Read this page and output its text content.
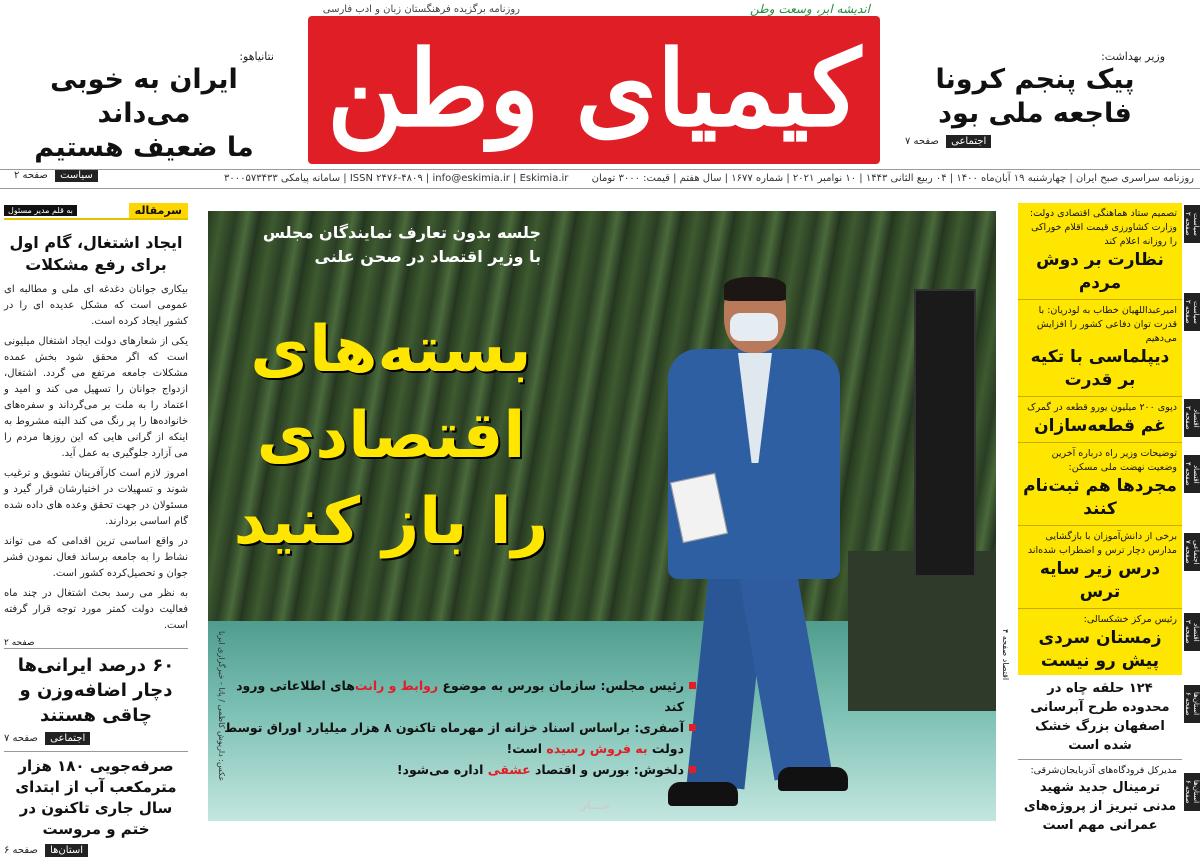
روزنامه برگزیده فرهنگستان زبان و ادب فارسی	اندیشه ابر، وسعت وطن
کیمیای وطن	وزیر بهداشت:
پیک پنجم کرونا
فاجعه ملی بود
اجتماعی صفحه ۷
نتانیاهو:
ایران به خوبی می‌داند
ما ضعیف هستیم
سیاست صفحه ۲	روزنامه سراسری صبح ایران | چهارشنبه ۱۹ آبان‌ماه ۱۴۰۰ | ۰۴ ربیع الثانی ۱۴۴۳ | ۱۰ نوامبر ۲۰۲۱ | شماره ۱۶۷۷ | سال هفتم | قیمت: ۳۰۰۰ تومان ISSN ۲۴۷۶-۴۸۰۹ | info@eskimia.ir | Eskimia.ir | سامانه پیامکی ۳۰۰۰۵۷۳۴۳۳
سرمقاله
به قلم مدیر مسئول
ایجاد اشتغال، گام اول برای رفع مشکلات

بیکاری جوانان دغدغه ای ملی و مطالبه ای عمومی است که مشکل عدیده ای را در کشور ایجاد کرده است.

یکی از شعارهای دولت ایجاد اشتغال میلیونی است که اگر محقق شود بخش عمده مشکلات جامعه مرتفع می گردد. اشتغال، ازدواج جوانان را تسهیل می کند و امید و اعتماد را به ملت بر می‌گرداند و سفره‌های خانواده‌ها را پر رنگ می کند البته مشروط به اینکه از گرانی هایی که این روزها مردم را می آزارد جلوگیری به عمل آید.

امروز لازم است کارآفرینان تشویق و ترغیب شوند و تسهیلات در اختیارشان قرار گیرد و مسئولان در جهت تحقق وعده های داده شده گام اساسی بردارند.

در واقع اساسی ترین اقدامی که می تواند نشاط را به جامعه برساند فعال نمودن قشر جوان و تحصیل‌کرده کشور است.

به نظر می رسد بحث اشتغال در چند ماه فعالیت دولت کمتر مورد توجه قرار گرفته است.

صفحه ۲
۶۰ درصد ایرانی‌ها دچار اضافه‌وزن و چاقی هستند
اجتماعی صفحه ۷
صرفه‌جویی ۱۸۰ هزار مترمکعب آب از ابتدای سال جاری تاکنون در ختم و مروست
استان‌ها صفحه ۶
جلسه بدون تعارف نمایندگان مجلس
با وزیر اقتصاد در صحن علنی
بسته‌های
اقتصادی
را باز کنید
رئیس مجلس: سازمان بورس به موضوع روابط و رانت‌های اطلاعاتی ورود کند
آصفری: براساس اسناد خزانه از مهرماه تاکنون ۸ هزار میلیارد اوراق توسط دولت به فروش رسیده است!
دلخوش: بورس و اقتصاد عشقی اداره می‌شود!
عکس: داریوش کاظمی / پانا - خبرگزاری ایرنا
جـــار
اقتصاد صفحه ۴
تصمیم ستاد هماهنگی اقتصادی دولت: وزارت کشاورزی قیمت اقلام خوراکی را روزانه اعلام کند
نظارت بر دوش مردم
امیرعبداللهیان خطاب به لودریان: با قدرت توان دفاعی کشور را افزایش می‌دهیم
دیپلماسی با تکیه بر قدرت
دپوی ۲۰۰ میلیون یورو قطعه در گمرک
غم قطعه‌سازان
توضیحات وزیر راه درباره آخرین وضعیت نهضت ملی مسکن:
مجردها هم ثبت‌نام کنند
برخی از دانش‌آموزان با بازگشایی مدارس دچار ترس و اضطراب شده‌اند
درس زیر سایه ترس
رئیس مرکز خشکسالی:
زمستان سردی پیش رو نیست
۱۲۴ حلقه چاه در محدوده طرح آبرسانی اصفهان بزرگ خشک شده است
مدیرکل فرودگاه‌های آذربایجان‌شرقی:
ترمینال جدید شهید مدنی تبریز از پروژه‌های عمرانی مهم است
سیاست صفحه ۲
سیاست صفحه ۲
اقتصاد صفحه ۳
اقتصاد صفحه ۴
اجتماعی صفحه ۷
اقتصاد صفحه ۳
استان‌ها صفحه ۶
استان‌ها صفحه ۶
